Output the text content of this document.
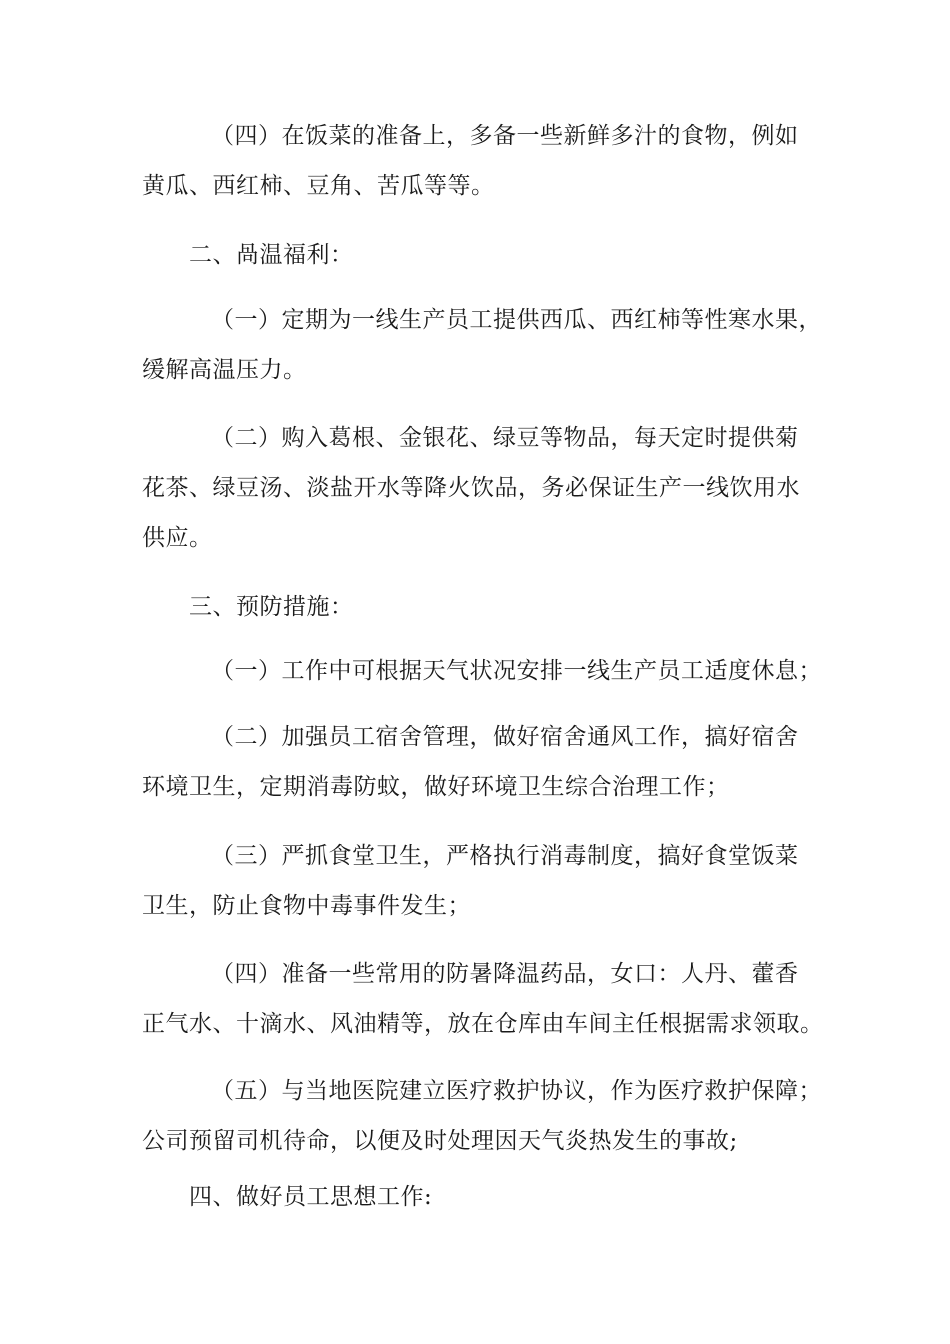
（四）在饭菜的准备上，多备一些新鲜多汁的食物，例如
黄瓜、西红柿、豆角、苦瓜等等。
二、咼温福利：
（一）定期为一线生产员工提供西瓜、西红柿等性寒水果，
缓解高温压力。
（二）购入葛根、金银花、绿豆等物品，每天定时提供菊
花茶、绿豆汤、淡盐开水等降火饮品，务必保证生产一线饮用水
供应。
三、预防措施：
（一）工作中可根据天气状况安排一线生产员工适度休息；
（二）加强员工宿舍管理，做好宿舍通风工作，搞好宿舍
环境卫生，定期消毒防蚊，做好环境卫生综合治理工作；
（三）严抓食堂卫生，严格执行消毒制度，搞好食堂饭菜
卫生，防止食物中毒事件发生；
（四）准备一些常用的防暑降温药品，女口：人丹、藿香
正气水、十滴水、风油精等，放在仓库由车间主任根据需求领取。
（五）与当地医院建立医疗救护协议，作为医疗救护保障；
公司预留司机待命，以便及时处理因天气炎热发生的事故;
四、做好员工思想工作:
